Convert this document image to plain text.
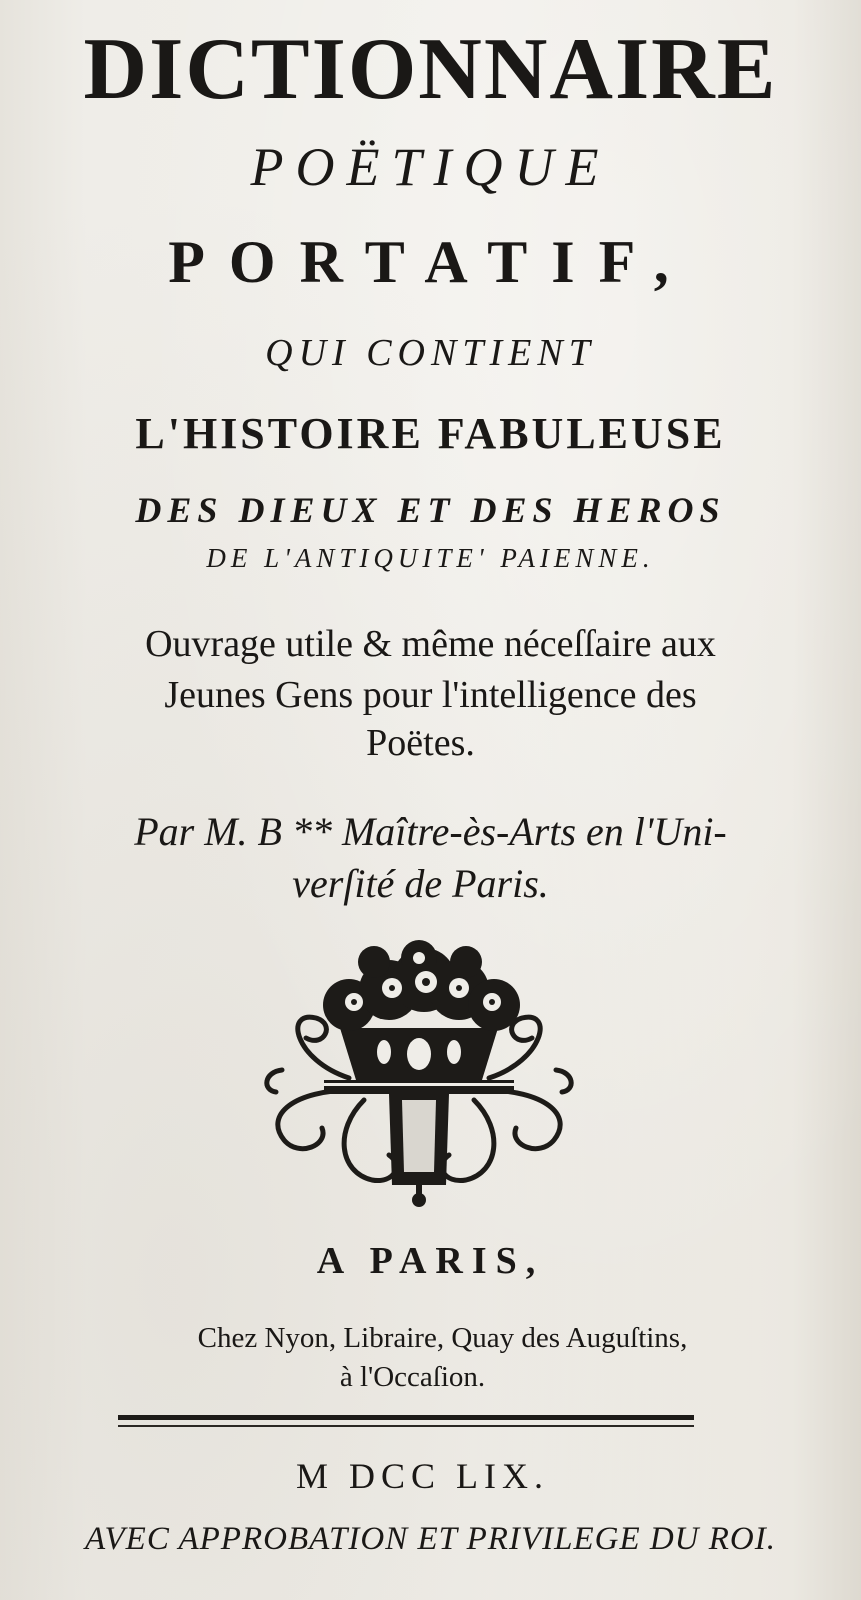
DICTIONNAIRE
POËTIQUE
PORTATIF,
QUI CONTIENT
L'HISTOIRE FABULEUSE
DES DIEUX ET DES HEROS
DE L'ANTIQUITE' PAIENNE.
Ouvrage utile & même néceſſaire aux
Jeunes Gens pour l'intelligence des
Poëtes.
Par M. B ** Maître-ès-Arts en l'Uni-
verſité de Paris.
A PARIS,
Chez Nyon, Libraire, Quay des Auguſtins,
à l'Occaſion.
M DCC LIX.
AVEC APPROBATION ET PRIVILEGE DU ROI.
